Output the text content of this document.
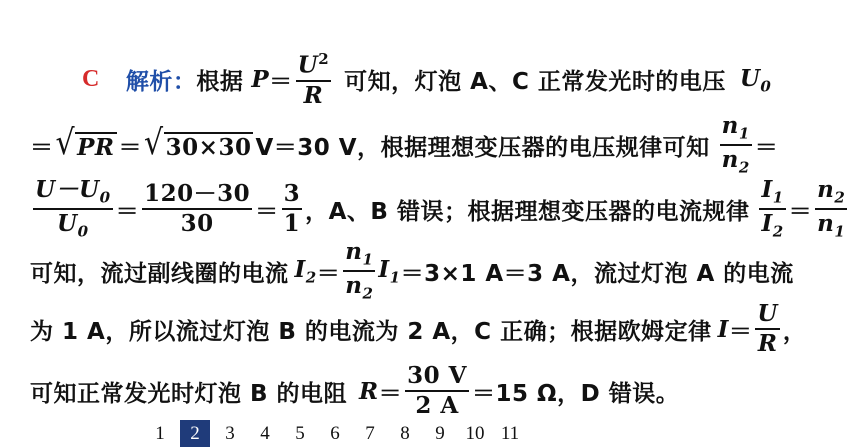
C 解析： 根据 $P = \frac{U^2}{R}$ 可知，灯泡 A、C 正常发光时的电压 $U_0$
＝ √ PR ＝ √ 30×30 V＝30 V，根据理想变压器的电压规律可知 $\frac{n_1}{n_2}$ ＝
$\frac{U-U_0}{U_0} = \frac{120-30}{30} = \frac{3}{1}$ ，A、B 错误；根据理想变压器的电流规律 $\frac{I_1}{I_2} = \frac{n_2}{n_1}$
可知，流过副线圈的电流 $I_2 = \frac{n_1}{n_2} I_1 =3\times 1$ A＝3 A，流过灯泡 A 的电流
为 1 A，所以流过灯泡 B 的电流为 2 A，C 正确；根据欧姆定律 $I = \frac{U}{R}$ ，
可知正常发光时灯泡 B 的电阻 $R = \frac{30 V}{2 A} =15$ Ω，D 错误。
1	2	3	4	5	6	7	8	9	10 11
